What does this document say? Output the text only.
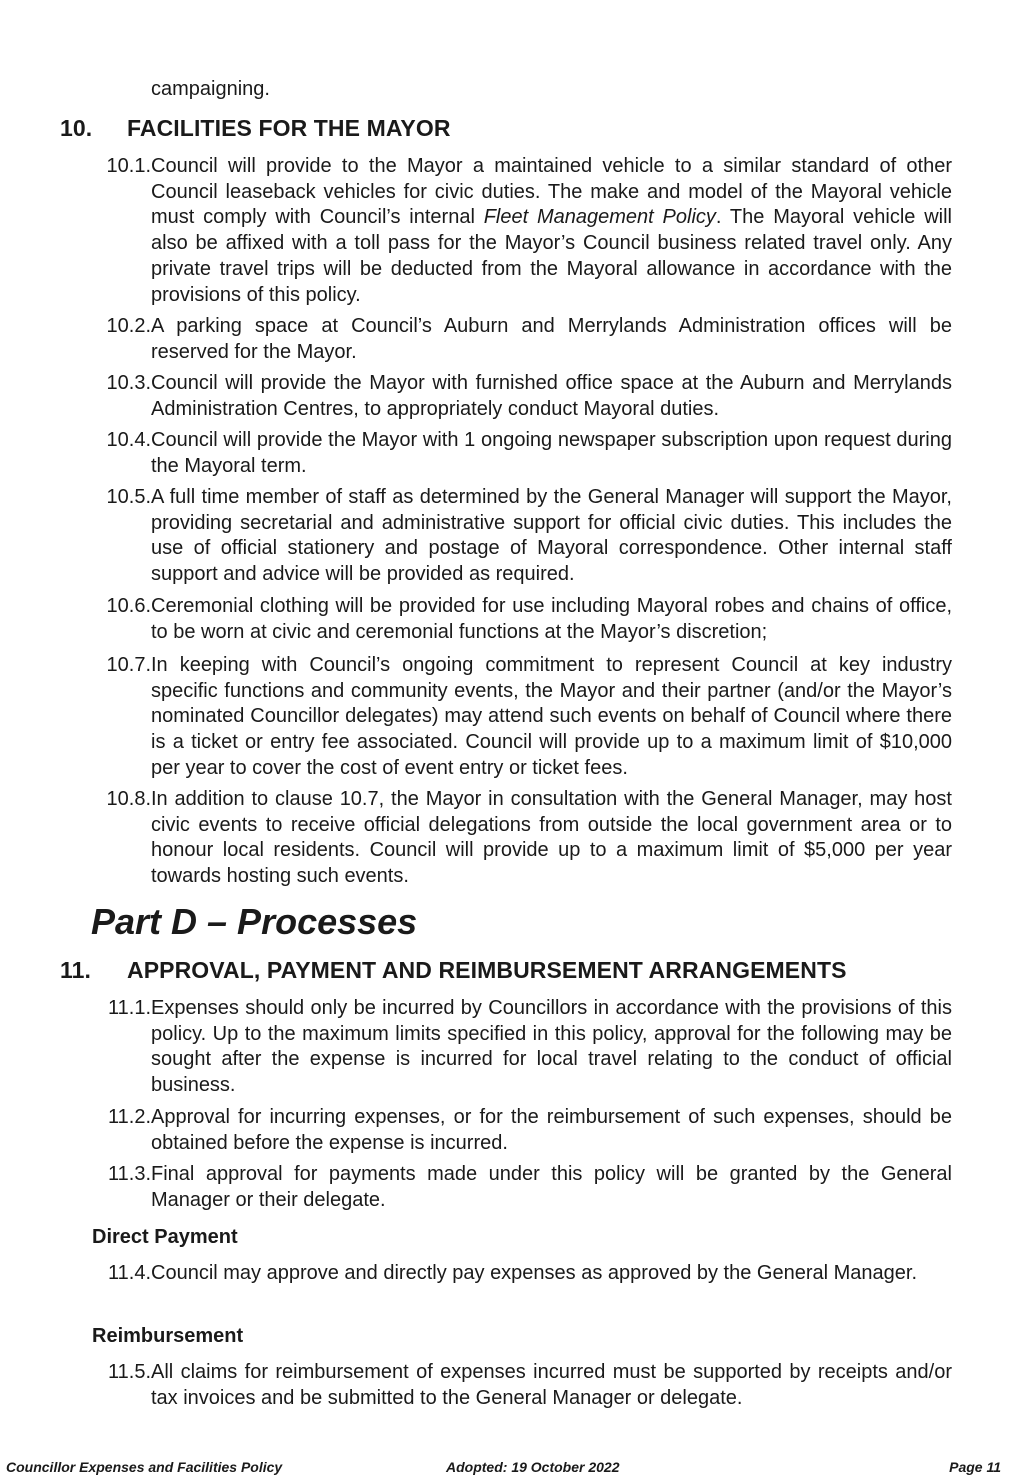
campaigning.
10. FACILITIES FOR THE MAYOR
10.1. Council will provide to the Mayor a maintained vehicle to a similar standard of other Council leaseback vehicles for civic duties. The make and model of the Mayoral vehicle must comply with Council’s internal Fleet Management Policy. The Mayoral vehicle will also be affixed with a toll pass for the Mayor’s Council business related travel only. Any private travel trips will be deducted from the Mayoral allowance in accordance with the provisions of this policy.
10.2. A parking space at Council’s Auburn and Merrylands Administration offices will be reserved for the Mayor.
10.3. Council will provide the Mayor with furnished office space at the Auburn and Merrylands Administration Centres, to appropriately conduct Mayoral duties.
10.4. Council will provide the Mayor with 1 ongoing newspaper subscription upon request during the Mayoral term.
10.5. A full time member of staff as determined by the General Manager will support the Mayor, providing secretarial and administrative support for official civic duties. This includes the use of official stationery and postage of Mayoral correspondence. Other internal staff support and advice will be provided as required.
10.6. Ceremonial clothing will be provided for use including Mayoral robes and chains of office, to be worn at civic and ceremonial functions at the Mayor’s discretion;
10.7. In keeping with Council’s ongoing commitment to represent Council at key industry specific functions and community events, the Mayor and their partner (and/or the Mayor’s nominated Councillor delegates) may attend such events on behalf of Council where there is a ticket or entry fee associated. Council will provide up to a maximum limit of $10,000 per year to cover the cost of event entry or ticket fees.
10.8. In addition to clause 10.7, the Mayor in consultation with the General Manager, may host civic events to receive official delegations from outside the local government area or to honour local residents. Council will provide up to a maximum limit of $5,000 per year towards hosting such events.
Part D – Processes
11. APPROVAL, PAYMENT AND REIMBURSEMENT ARRANGEMENTS
11.1. Expenses should only be incurred by Councillors in accordance with the provisions of this policy. Up to the maximum limits specified in this policy, approval for the following may be sought after the expense is incurred for local travel relating to the conduct of official business.
11.2. Approval for incurring expenses, or for the reimbursement of such expenses, should be obtained before the expense is incurred.
11.3. Final approval for payments made under this policy will be granted by the General Manager or their delegate.
Direct Payment
11.4. Council may approve and directly pay expenses as approved by the General Manager.
Reimbursement
11.5. All claims for reimbursement of expenses incurred must be supported by receipts and/or tax invoices and be submitted to the General Manager or delegate.
Councillor Expenses and Facilities Policy	Adopted: 19 October 2022	Page 11
